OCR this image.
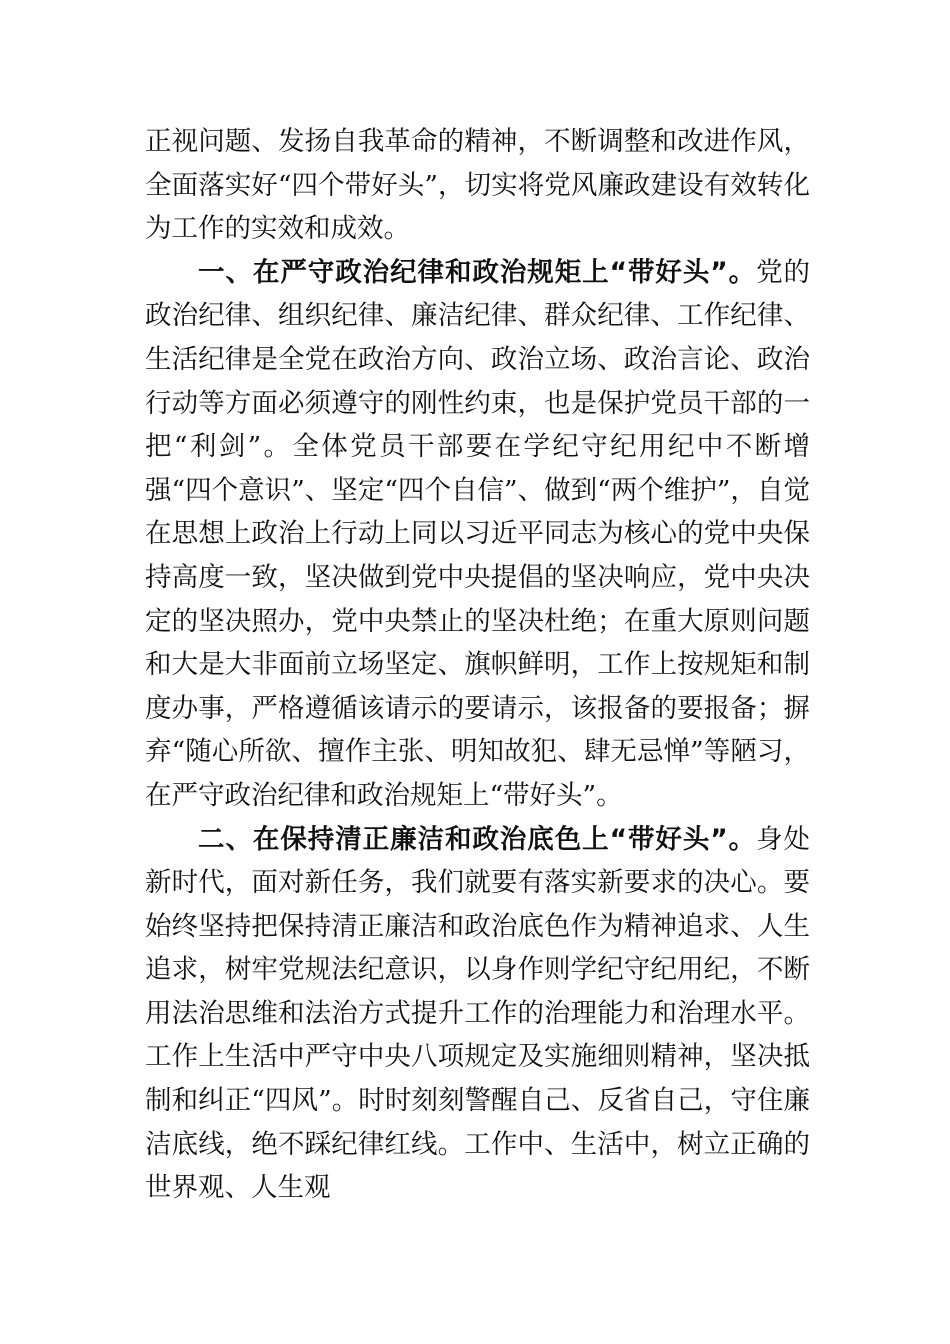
正视问题、发扬自我革命的精神，不断调整和改进作风，全面落实好“四个带好头”，切实将党风廉政建设有效转化为工作的实效和成效。

一、在严守政治纪律和政治规矩上“带好头”。党的政治纪律、组织纪律、廉洁纪律、群众纪律、工作纪律、生活纪律是全党在政治方向、政治立场、政治言论、政治行动等方面必须遵守的刚性约束，也是保护党员干部的一把“利剑”。全体党员干部要在学纪守纪用纪中不断增强“四个意识”、坚定“四个自信”、做到“两个维护”，自觉在思想上政治上行动上同以习近平同志为核心的党中央保持高度一致，坚决做到党中央提倡的坚决响应，党中央决定的坚决照办，党中央禁止的坚决杜绝；在重大原则问题和大是大非面前立场坚定、旗帜鲜明，工作上按规矩和制度办事，严格遵循该请示的要请示，该报备的要报备；摒弃“随心所欲、擅作主张、明知故犯、肆无忌惮”等陋习，在严守政治纪律和政治规矩上“带好头”。

二、在保持清正廉洁和政治底色上“带好头”。身处新时代，面对新任务，我们就要有落实新要求的决心。要始终坚持把保持清正廉洁和政治底色作为精神追求、人生追求，树牢党规法纪意识，以身作则学纪守纪用纪，不断用法治思维和法治方式提升工作的治理能力和治理水平。工作上生活中严守中央八项规定及实施细则精神，坚决抵制和纠正“四风”。时时刻刻警醒自己、反省自己，守住廉洁底线，绝不踩纪律红线。工作中、生活中，树立正确的世界观、人生观
